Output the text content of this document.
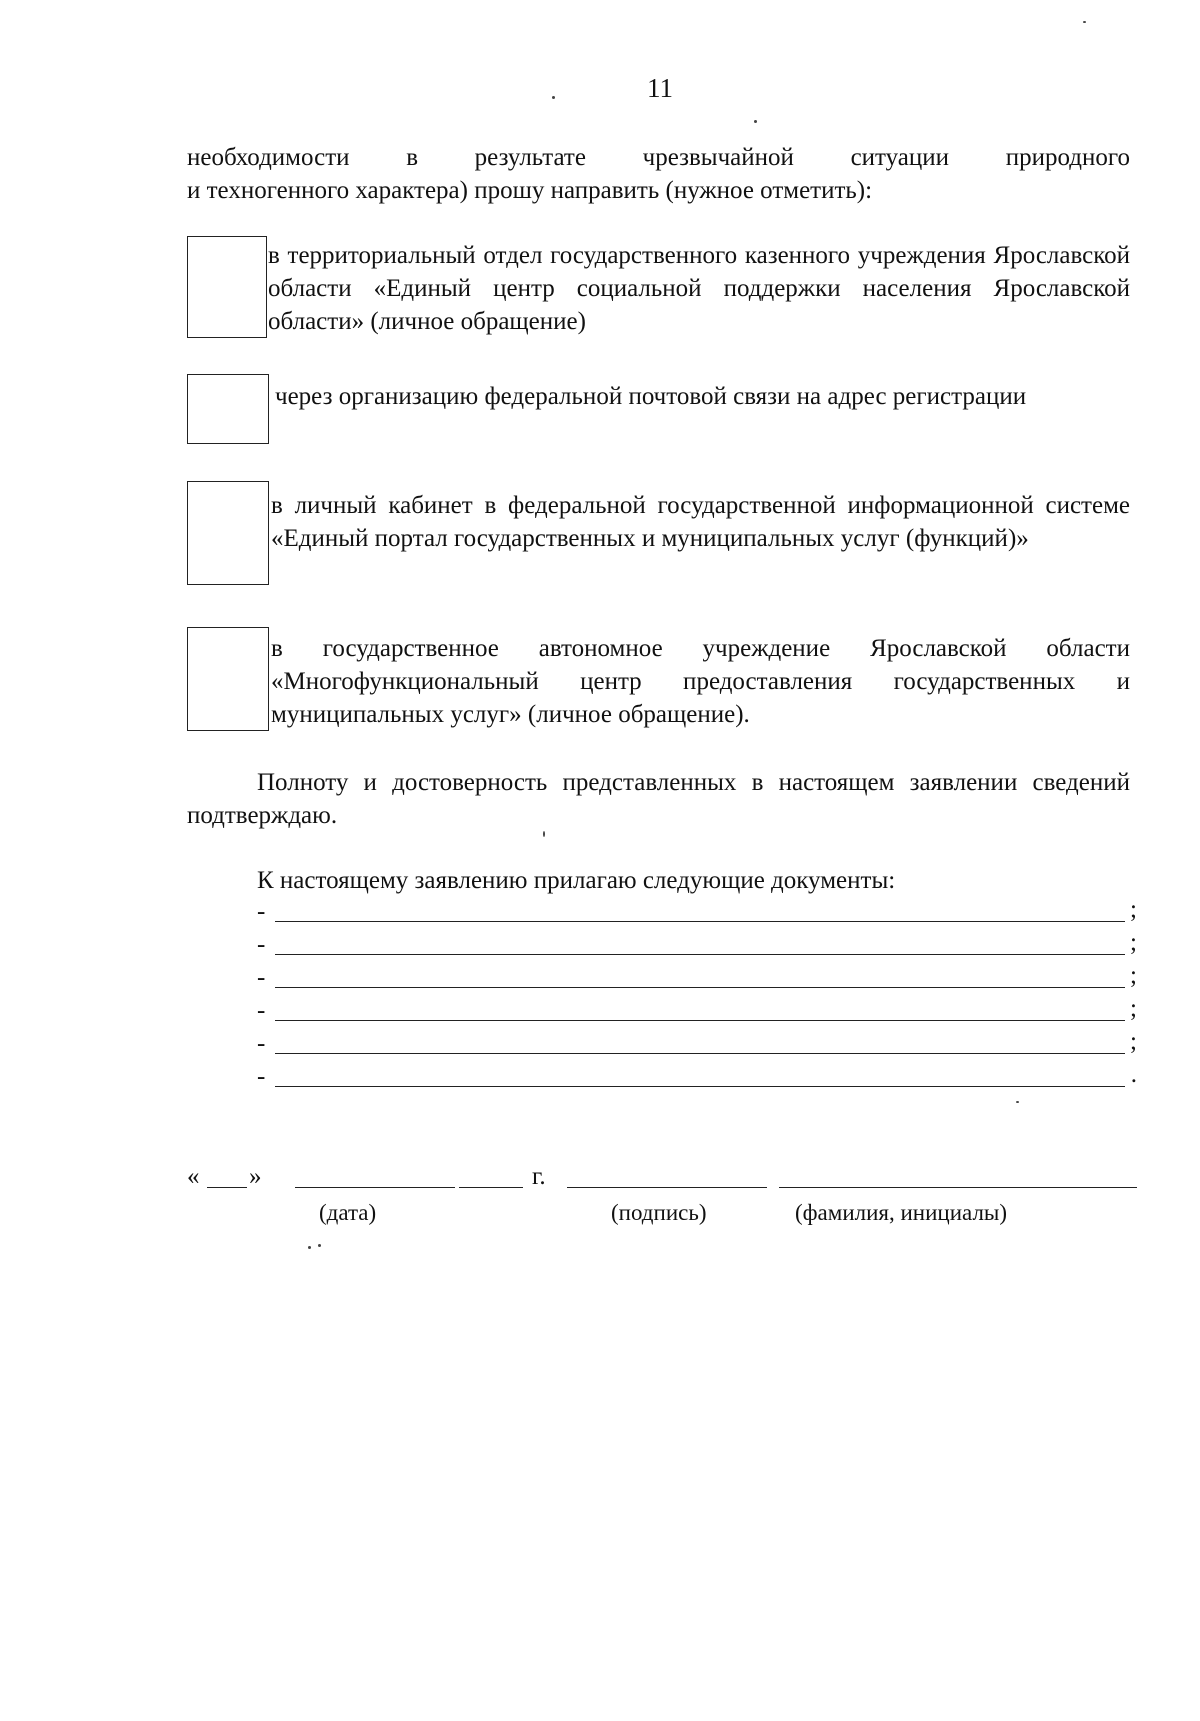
11
необходимости в результате чрезвычайной ситуации природного
и техногенного характера) прошу направить (нужное отметить):
в территориальный отдел государственного казенного учреждения Ярославской области «Единый центр социальной поддержки населения Ярославской области» (личное обращение)
через организацию федеральной почтовой связи на адрес регистрации
в личный кабинет в федеральной государственной информационной системе «Единый портал государственных и муниципальных услуг (функций)»
в государственное автономное учреждение Ярославской области «Многофункциональный центр предоставления государственных и муниципальных услуг» (личное обращение).
Полноту и достоверность представленных в настоящем заявлении сведений подтверждаю.
К настоящему заявлению прилагаю следующие документы:
-	;
-	;
-	;
-	;
-	;
-	.
« »	г.
(дата)	(подпись)	(фамилия, инициалы)
